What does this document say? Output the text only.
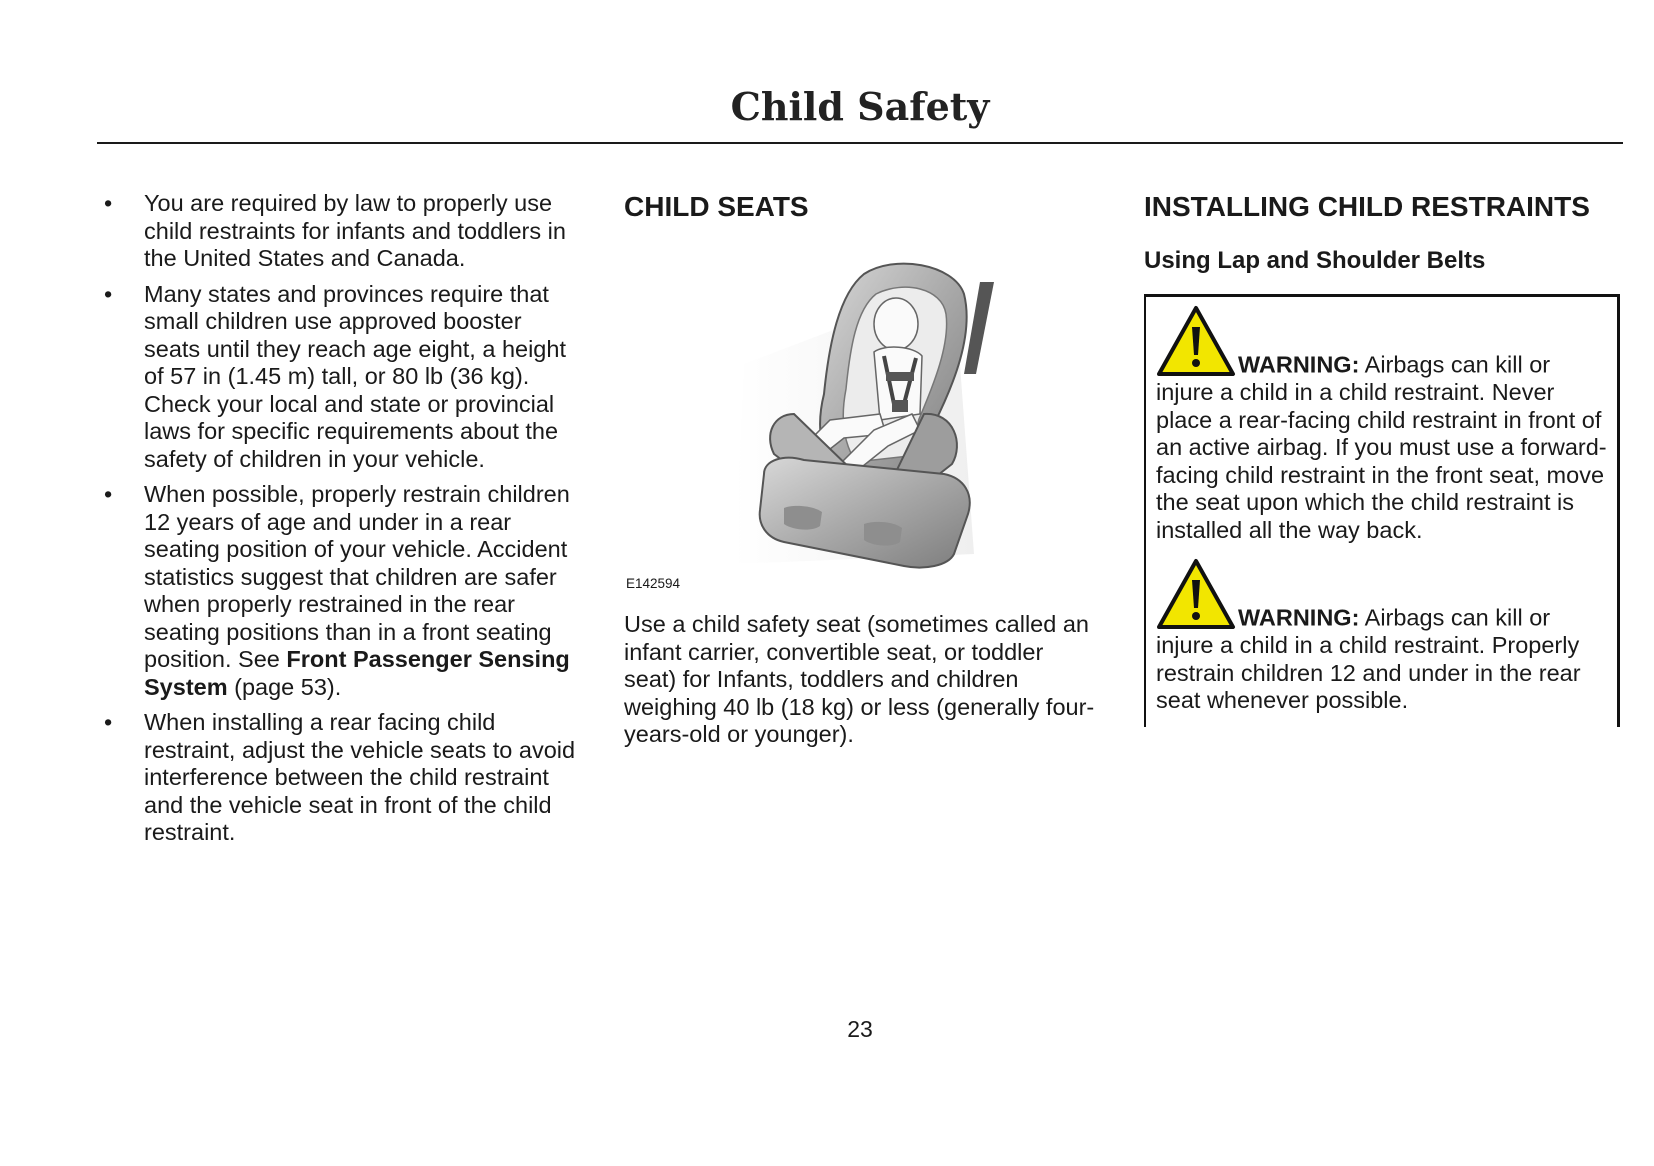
Child Safety
• You are required by law to properly use child restraints for infants and toddlers in the United States and Canada.
• Many states and provinces require that small children use approved booster seats until they reach age eight, a height of 57 in (1.45 m) tall, or 80 lb (36 kg). Check your local and state or provincial laws for specific requirements about the safety of children in your vehicle.
• When possible, properly restrain children 12 years of age and under in a rear seating position of your vehicle. Accident statistics suggest that children are safer when properly restrained in the rear seating positions than in a front seating position. See Front Passenger Sensing System (page 53).
• When installing a rear facing child restraint, adjust the vehicle seats to avoid interference between the child restraint and the vehicle seat in front of the child restraint.
CHILD SEATS
E142594
Use a child safety seat (sometimes called an infant carrier, convertible seat, or toddler seat) for Infants, toddlers and children weighing 40 lb (18 kg) or less (generally four-years-old or younger).
INSTALLING CHILD RESTRAINTS
Using Lap and Shoulder Belts
WARNING: Airbags can kill or injure a child in a child restraint. Never place a rear-facing child restraint in front of an active airbag. If you must use a forward-facing child restraint in the front seat, move the seat upon which the child restraint is installed all the way back.
WARNING: Airbags can kill or injure a child in a child restraint. Properly restrain children 12 and under in the rear seat whenever possible.
23
